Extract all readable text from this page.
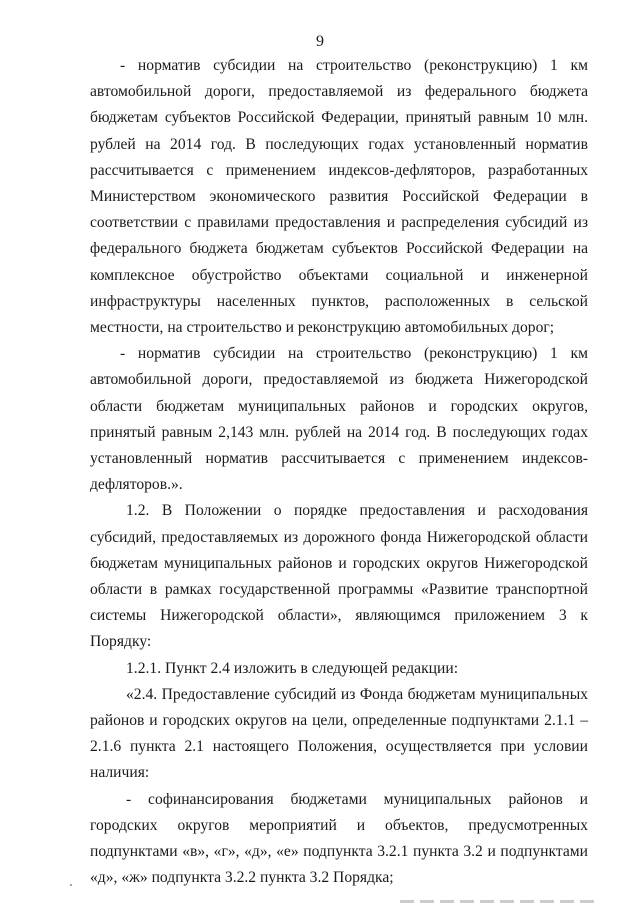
9

- норматив субсидии на строительство (реконструкцию) 1 км автомобильной дороги, предоставляемой из федерального бюджета бюджетам субъектов Российской Федерации, принятый равным 10 млн. рублей на 2014 год. В последующих годах установленный норматив рассчитывается с применением индексов-дефляторов, разработанных Министерством экономического развития Российской Федерации в соответствии с правилами предоставления и распределения субсидий из федерального бюджета бюджетам субъектов Российской Федерации на комплексное обустройство объектами социальной и инженерной инфраструктуры населенных пунктов, расположенных в сельской местности, на строительство и реконструкцию автомобильных дорог;

- норматив субсидии на строительство (реконструкцию) 1 км автомобильной дороги, предоставляемой из бюджета Нижегородской области бюджетам муниципальных районов и городских округов, принятый равным 2,143 млн. рублей на 2014 год. В последующих годах установленный норматив рассчитывается с применением индексов-дефляторов.».

1.2. В Положении о порядке предоставления и расходования субсидий, предоставляемых из дорожного фонда Нижегородской области бюджетам муниципальных районов и городских округов Нижегородской области в рамках государственной программы «Развитие транспортной системы Нижегородской области», являющимся приложением 3 к Порядку:

1.2.1. Пункт 2.4 изложить в следующей редакции:

«2.4. Предоставление субсидий из Фонда бюджетам муниципальных районов и городских округов на цели, определенные подпунктами 2.1.1 – 2.1.6 пункта 2.1 настоящего Положения, осуществляется при условии наличия:

- софинансирования бюджетами муниципальных районов и городских округов мероприятий и объектов, предусмотренных подпунктами «в», «г», «д», «е» подпункта 3.2.1 пункта 3.2 и подпунктами «д», «ж» подпункта 3.2.2 пункта 3.2 Порядка;
